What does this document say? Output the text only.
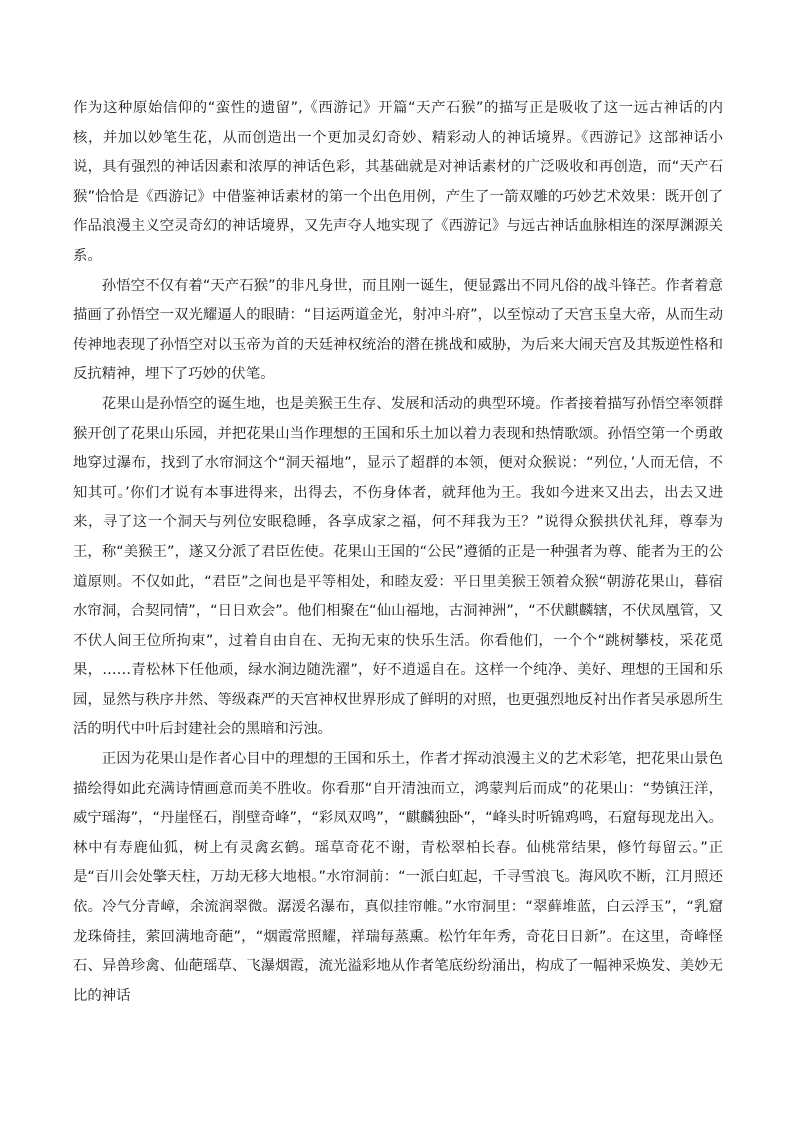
作为这种原始信仰的“蛮性的遗留”,《西游记》开篇“天产石猴”的描写正是吸收了这一远古神话的内核，并加以妙笔生花，从而创造出一个更加灵幻奇妙、精彩动人的神话境界。《西游记》这部神话小说，具有强烈的神话因素和浓厚的神话色彩，其基础就是对神话素材的广泛吸收和再创造，而“天产石猴”恰恰是《西游记》中借鉴神话素材的第一个出色用例，产生了一箭双雕的巧妙艺术效果：既开创了作品浪漫主义空灵奇幻的神话境界，又先声夺人地实现了《西游记》与远古神话血脉相连的深厚渊源关系。

孙悟空不仅有着“天产石猴”的非凡身世，而且刚一诞生，便显露出不同凡俗的战斗锋芒。作者着意描画了孙悟空一双光耀逼人的眼睛：“目运两道金光，射冲斗府”，以至惊动了天宫玉皇大帝，从而生动传神地表现了孙悟空对以玉帝为首的天廷神权统治的潜在挑战和威胁，为后来大闹天宫及其叛逆性格和反抗精神，埋下了巧妙的伏笔。

花果山是孙悟空的诞生地，也是美猴王生存、发展和活动的典型环境。作者接着描写孙悟空率领群猴开创了花果山乐园，并把花果山当作理想的王国和乐土加以着力表现和热情歌颂。孙悟空第一个勇敢地穿过瀑布，找到了水帘洞这个“洞天福地”，显示了超群的本领，便对众猴说：“列位，’人而无信，不知其可。’你们才说有本事进得来，出得去，不伤身体者，就拜他为王。我如今进来又出去，出去又进来，寻了这一个洞天与列位安眠稳睡，各享成家之福，何不拜我为王？”说得众猴拱伏礼拜，尊奉为王，称“美猴王”，遂又分派了君臣佐使。花果山王国的“公民”遵循的正是一种强者为尊、能者为王的公道原则。不仅如此，“君臣”之间也是平等相处，和睦友爱：平日里美猴王领着众猴“朝游花果山，暮宿水帘洞，合契同情”，“日日欢会”。他们相聚在“仙山福地，古洞神洲”，“不伏麒麟辖，不伏凤凰管，又不伏人间王位所拘束”，过着自由自在、无拘无束的快乐生活。你看他们，一个个“跳树攀枝，采花觅果，……青松林下任他顽，绿水涧边随洗濯”，好不逍遥自在。这样一个纯净、美好、理想的王国和乐园，显然与秩序井然、等级森严的天宫神权世界形成了鲜明的对照，也更强烈地反衬出作者吴承恩所生活的明代中叶后封建社会的黑暗和污浊。

正因为花果山是作者心目中的理想的王国和乐土，作者才挥动浪漫主义的艺术彩笔，把花果山景色描绘得如此充满诗情画意而美不胜收。你看那“自开清浊而立，鸿蒙判后而成”的花果山：“势镇汪洋，威宁瑶海”，“丹崖怪石，削壁奇峰”，“彩凤双鸣”，“麒麟独卧”，“峰头时听锦鸡鸣，石窟每现龙出入。林中有寿鹿仙狐，树上有灵禽玄鹤。瑶草奇花不谢，青松翠柏长春。仙桃常结果，修竹每留云。”正是“百川会处擎天柱，万劫无移大地根。”水帘洞前：“一派白虹起，千寻雪浪飞。海风吹不断，江月照还依。冷气分青嶂，余流润翠微。潺湲名瀑布，真似挂帘帷。”水帘洞里：“翠藓堆蓝，白云浮玉”，“乳窟龙珠倚挂，萦回满地奇葩”，“烟霞常照耀，祥瑞每蒸熏。松竹年年秀，奇花日日新”。在这里，奇峰怪石、异兽珍禽、仙葩瑶草、飞瀑烟霞，流光溢彩地从作者笔底纷纷涌出，构成了一幅神采焕发、美妙无比的神话
